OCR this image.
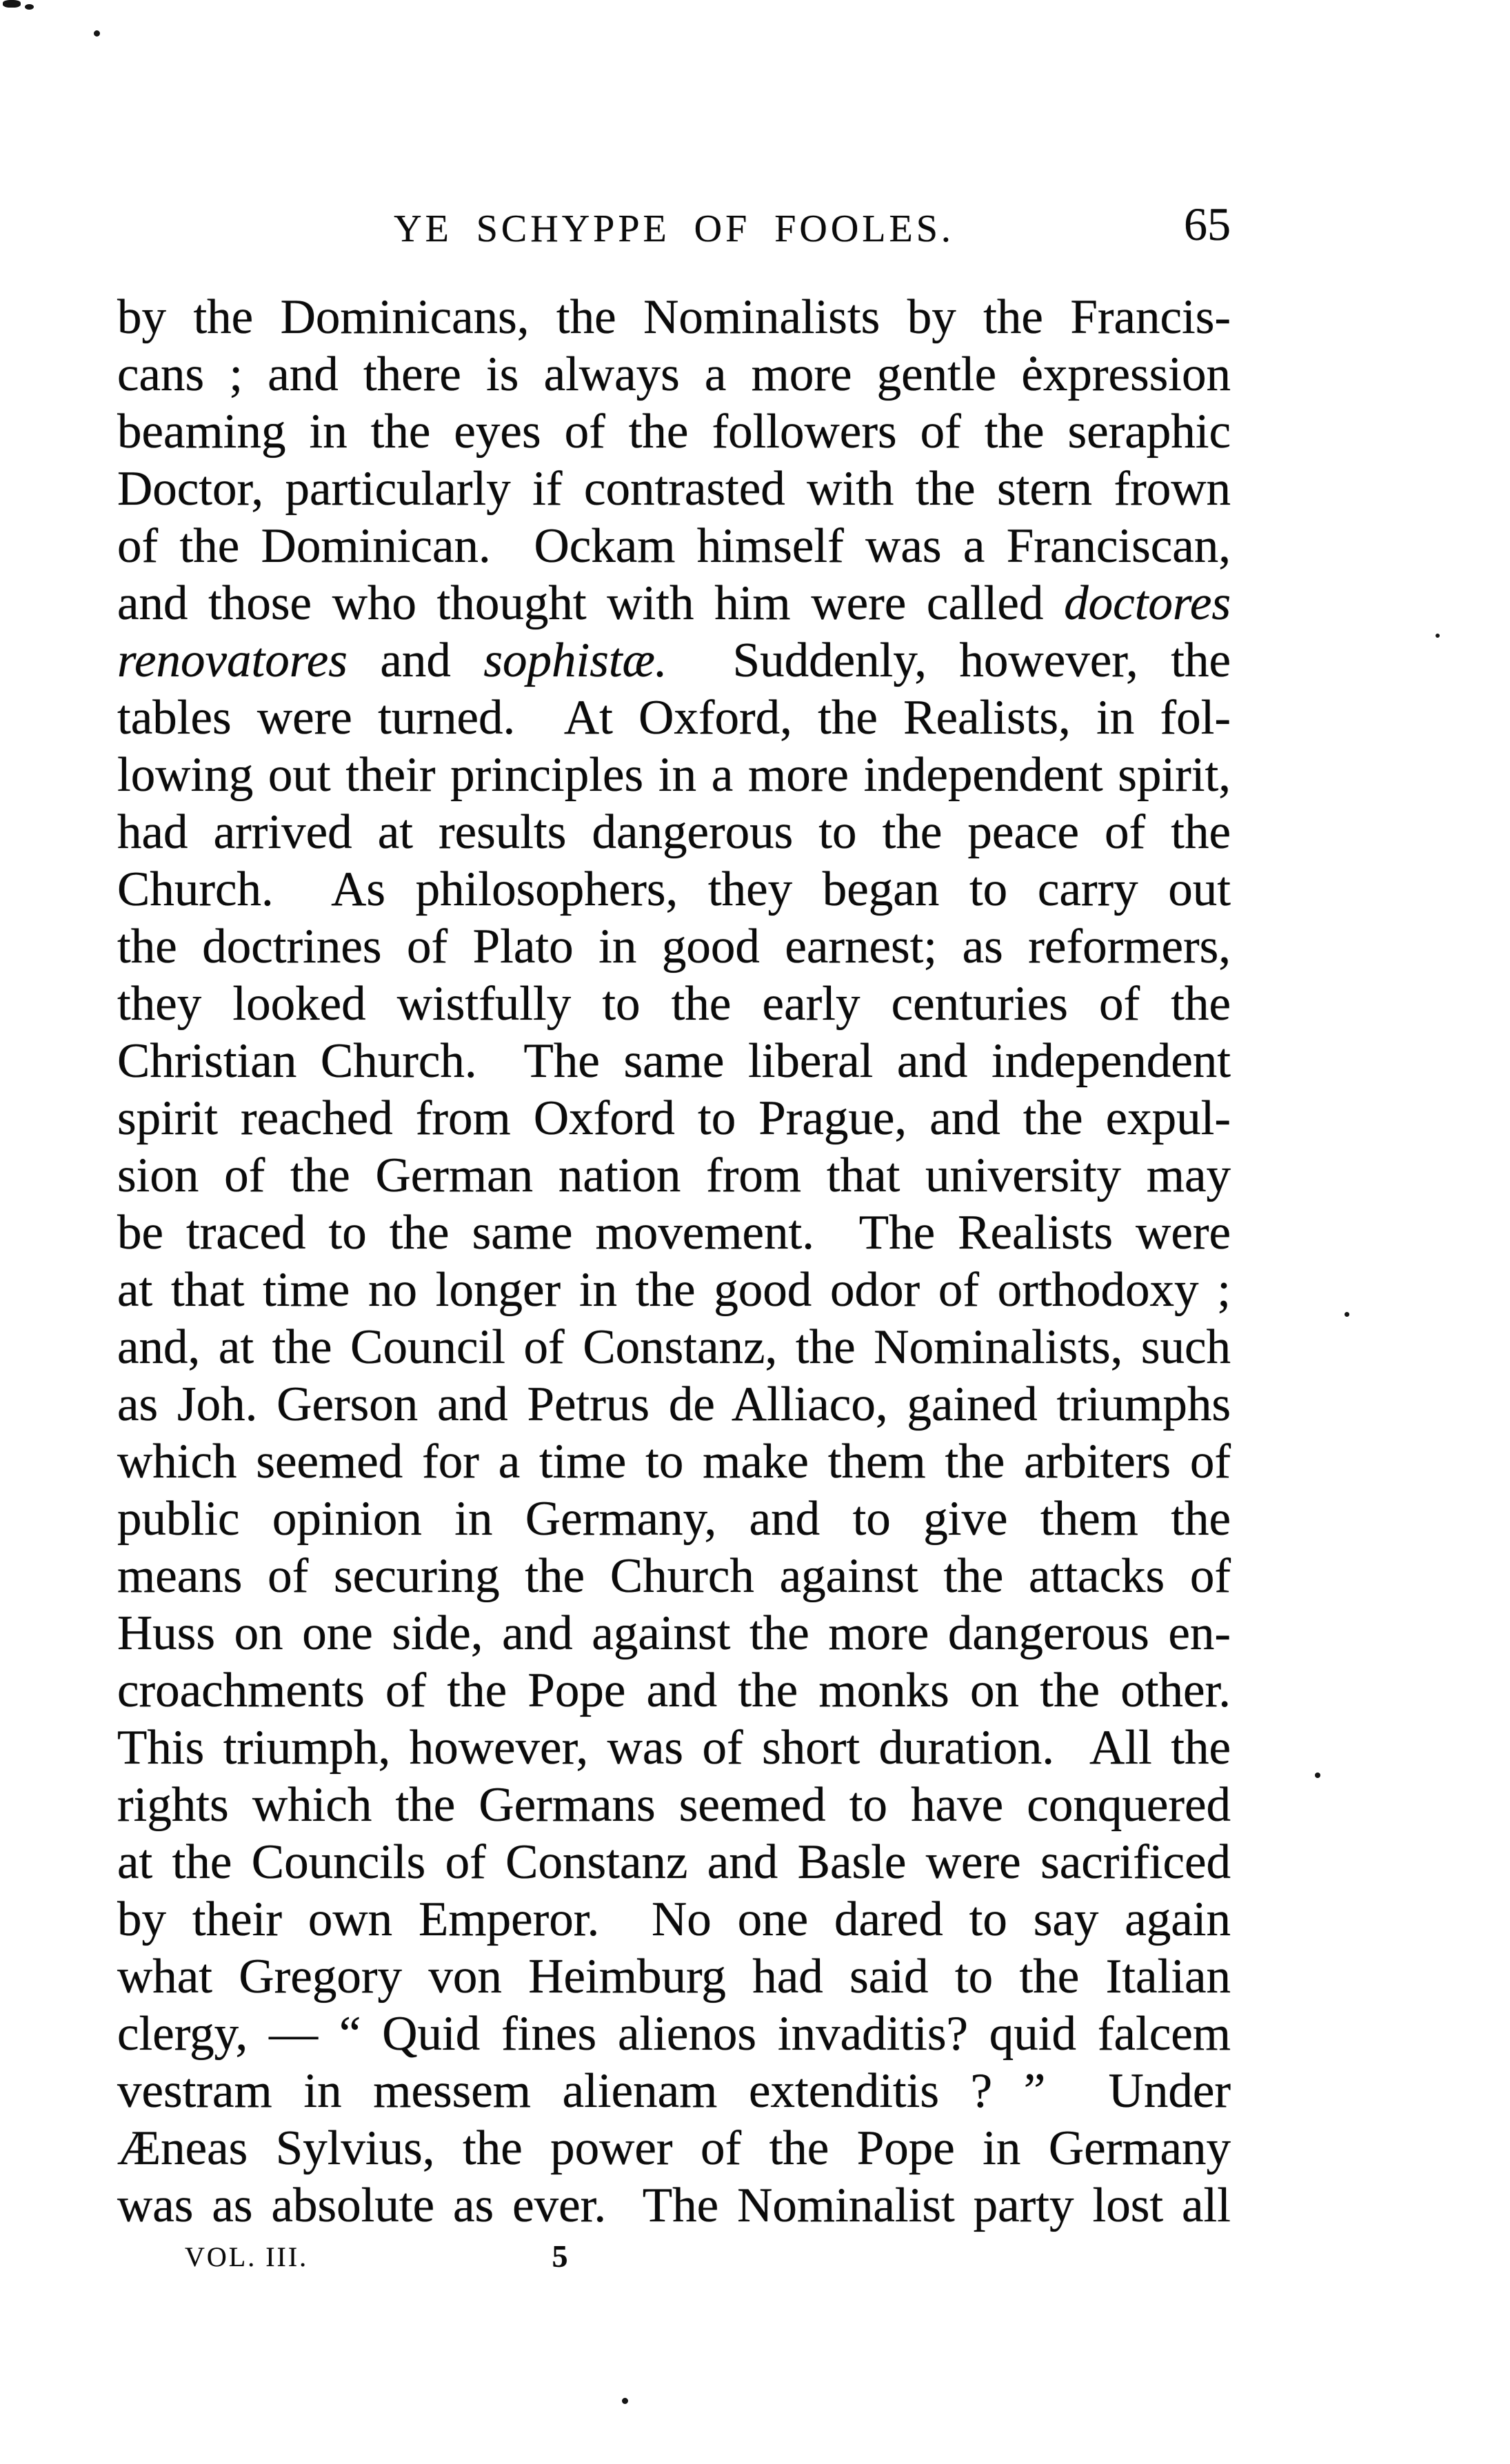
YE SCHYPPE OF FOOLES.	65
by the Dominicans, the Nominalists by the Francis-
cans ; and there is always a more gentle expression
beaming in the eyes of the followers of the seraphic
Doctor, particularly if contrasted with the stern frown
of the Dominican.  Ockam himself was a Franciscan,
and those who thought with him were called doctores
renovatores and sophistæ.  Suddenly, however, the
tables were turned.  At Oxford, the Realists, in fol-
lowing out their principles in a more independent spirit,
had arrived at results dangerous to the peace of the
Church.  As philosophers, they began to carry out
the doctrines of Plato in good earnest; as reformers,
they looked wistfully to the early centuries of the
Christian Church.  The same liberal and independent
spirit reached from Oxford to Prague, and the expul-
sion of the German nation from that university may
be traced to the same movement.  The Realists were
at that time no longer in the good odor of orthodoxy ;
and, at the Council of Constanz, the Nominalists, such
as Joh. Gerson and Petrus de Alliaco, gained triumphs
which seemed for a time to make them the arbiters of
public opinion in Germany, and to give them the
means of securing the Church against the attacks of
Huss on one side, and against the more dangerous en-
croachments of the Pope and the monks on the other.
This triumph, however, was of short duration.  All the
rights which the Germans seemed to have conquered
at the Councils of Constanz and Basle were sacrificed
by their own Emperor.  No one dared to say again
what Gregory von Heimburg had said to the Italian
clergy, — “ Quid fines alienos invaditis? quid falcem
vestram in messem alienam extenditis ? ”  Under
Æneas Sylvius, the power of the Pope in Germany
was as absolute as ever.  The Nominalist party lost all
VOL. III.	5
